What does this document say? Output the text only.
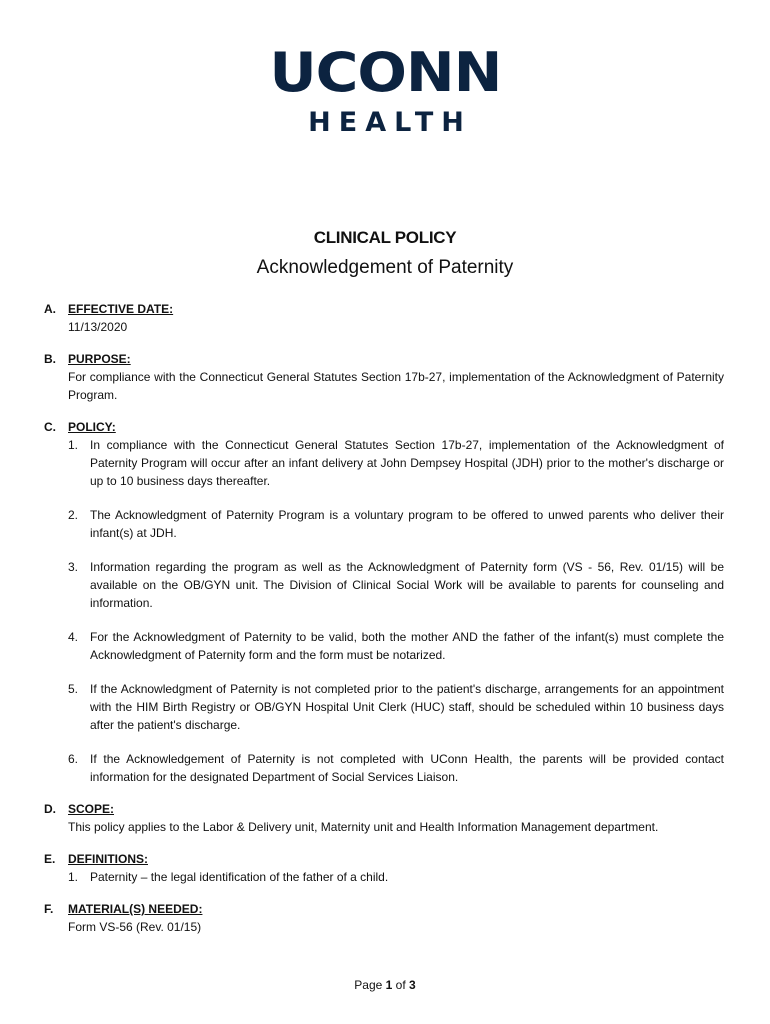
UCONN
HEALTH
CLINICAL POLICY
Acknowledgement of Paternity
A.	EFFECTIVE DATE:
11/13/2020
B.	PURPOSE:
For compliance with the Connecticut General Statutes Section 17b-27, implementation of the Acknowledgment of Paternity Program.
C.	POLICY:
1. In compliance with the Connecticut General Statutes Section 17b-27, implementation of the Acknowledgment of Paternity Program will occur after an infant delivery at John Dempsey Hospital (JDH) prior to the mother's discharge or up to 10 business days thereafter.
2. The Acknowledgment of Paternity Program is a voluntary program to be offered to unwed parents who deliver their infant(s) at JDH.
3. Information regarding the program as well as the Acknowledgment of Paternity form (VS - 56, Rev. 01/15) will be available on the OB/GYN unit. The Division of Clinical Social Work will be available to parents for counseling and information.
4. For the Acknowledgment of Paternity to be valid, both the mother AND the father of the infant(s) must complete the Acknowledgment of Paternity form and the form must be notarized.
5. If the Acknowledgment of Paternity is not completed prior to the patient's discharge, arrangements for an appointment with the HIM Birth Registry or OB/GYN Hospital Unit Clerk (HUC) staff, should be scheduled within 10 business days after the patient's discharge.
6. If the Acknowledgement of Paternity is not completed with UConn Health, the parents will be provided contact information for the designated Department of Social Services Liaison.
D.	SCOPE:
This policy applies to the Labor & Delivery unit, Maternity unit and Health Information Management department.
E.	DEFINITIONS:
1. Paternity – the legal identification of the father of a child.
F.	MATERIAL(S) NEEDED:
Form VS-56 (Rev. 01/15)
Page 1 of 3
